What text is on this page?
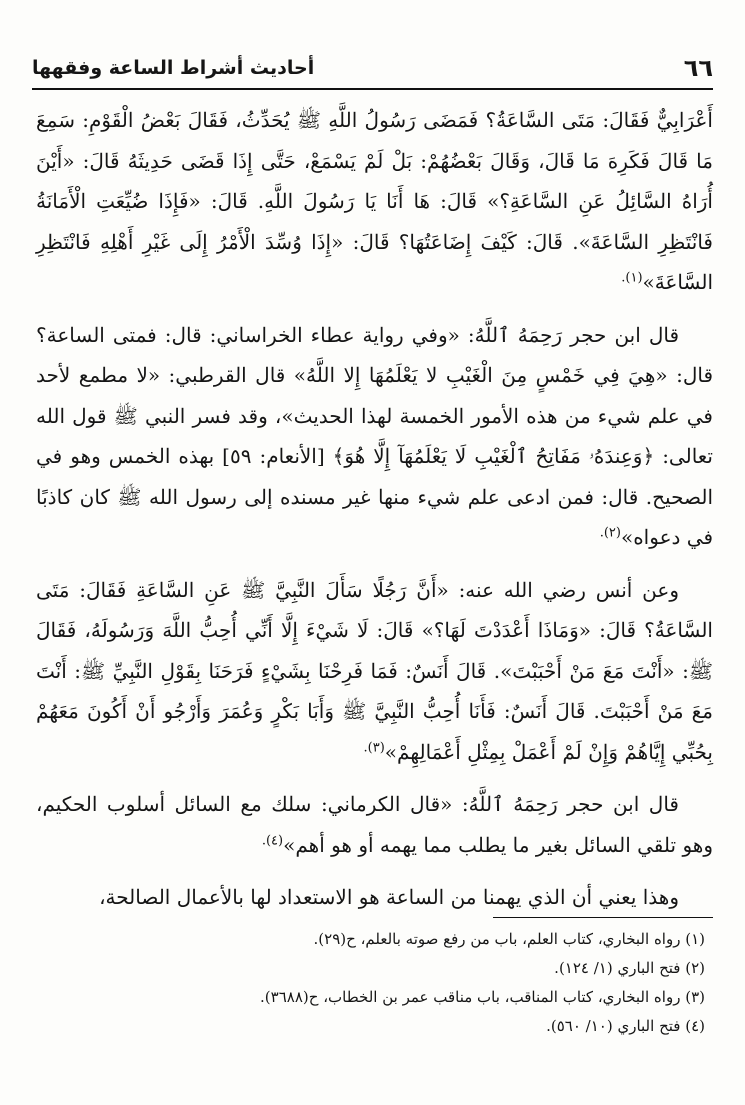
٦٦
أحاديث أشراط الساعة وفقهها

أَعْرَابِيٌّ فَقَالَ: مَتَى السَّاعَةُ؟ فَمَضَى رَسُولُ اللَّهِ ﷺ يُحَدِّثُ، فَقَالَ بَعْضُ الْقَوْمِ: سَمِعَ مَا قَالَ فَكَرِهَ مَا قَالَ، وَقَالَ بَعْضُهُمْ: بَلْ لَمْ يَسْمَعْ، حَتَّى إِذَا قَضَى حَدِيثَهُ قَالَ: «أَيْنَ أُرَاهُ السَّائِلُ عَنِ السَّاعَةِ؟» قَالَ: هَا أَنَا يَا رَسُولَ اللَّهِ. قَالَ: «فَإِذَا ضُيِّعَتِ الْأَمَانَةُ فَانْتَظِرِ السَّاعَةَ». قَالَ: كَيْفَ إِضَاعَتُهَا؟ قَالَ: «إِذَا وُسِّدَ الْأَمْرُ إِلَى غَيْرِ أَهْلِهِ فَانْتَظِرِ السَّاعَةَ»$^{(١).}$

قال ابن حجر رَحِمَهُ ٱللَّهُ: «وفي رواية عطاء الخراساني: قال: فمتى الساعة؟ قال: «هِيَ فِي خَمْسٍ مِنَ الْغَيْبِ لا يَعْلَمُهَا إِلا اللَّهُ» قال القرطبي: «لا مطمع لأحد في علم شيء من هذه الأمور الخمسة لهذا الحديث»، وقد فسر النبي ﷺ قول الله تعالى: ﴿وَعِندَهُۥ مَفَاتِحُ ٱلْغَيْبِ لَا يَعْلَمُهَآ إِلَّا هُوَ﴾ [الأنعام: ٥٩] بهذه الخمس وهو في الصحيح. قال: فمن ادعى علم شيء منها غير مسنده إلى رسول الله ﷺ كان كاذبًا في دعواه»$^{(٢).}$

وعن أنس رضي الله عنه: «أَنَّ رَجُلًا سَأَلَ النَّبِيَّ ﷺ عَنِ السَّاعَةِ فَقَالَ: مَتَى السَّاعَةُ؟ قَالَ: «وَمَاذَا أَعْدَدْتَ لَهَا؟» قَالَ: لَا شَيْءَ إِلَّا أَنِّي أُحِبُّ اللَّهَ وَرَسُولَهُ، فَقَالَ ﷺ: «أَنْتَ مَعَ مَنْ أَحْبَبْتَ». قَالَ أَنَسٌ: فَمَا فَرِحْنَا بِشَيْءٍ فَرَحَنَا بِقَوْلِ النَّبِيِّ ﷺ: أَنْتَ مَعَ مَنْ أَحْبَبْتَ. قَالَ أَنَسٌ: فَأَنَا أُحِبُّ النَّبِيَّ ﷺ وَأَبَا بَكْرٍ وَعُمَرَ وَأَرْجُو أَنْ أَكُونَ مَعَهُمْ بِحُبِّي إِيَّاهُمْ وَإِنْ لَمْ أَعْمَلْ بِمِثْلِ أَعْمَالِهِمْ»$^{(٣).}$

قال ابن حجر رَحِمَهُ ٱللَّهُ: «قال الكرماني: سلك مع السائل أسلوب الحكيم، وهو تلقي السائل بغير ما يطلب مما يهمه أو هو أهم»$^{(٤).}$

وهذا يعني أن الذي يهمنا من الساعة هو الاستعداد لها بالأعمال الصالحة،

(١) رواه البخاري، كتاب العلم، باب من رفع صوته بالعلم، ح(٢٩).
(٢) فتح الباري (١/ ١٢٤).
(٣) رواه البخاري، كتاب المناقب، باب مناقب عمر بن الخطاب، ح(٣٦٨٨).
(٤) فتح الباري (١٠/ ٥٦٠).
